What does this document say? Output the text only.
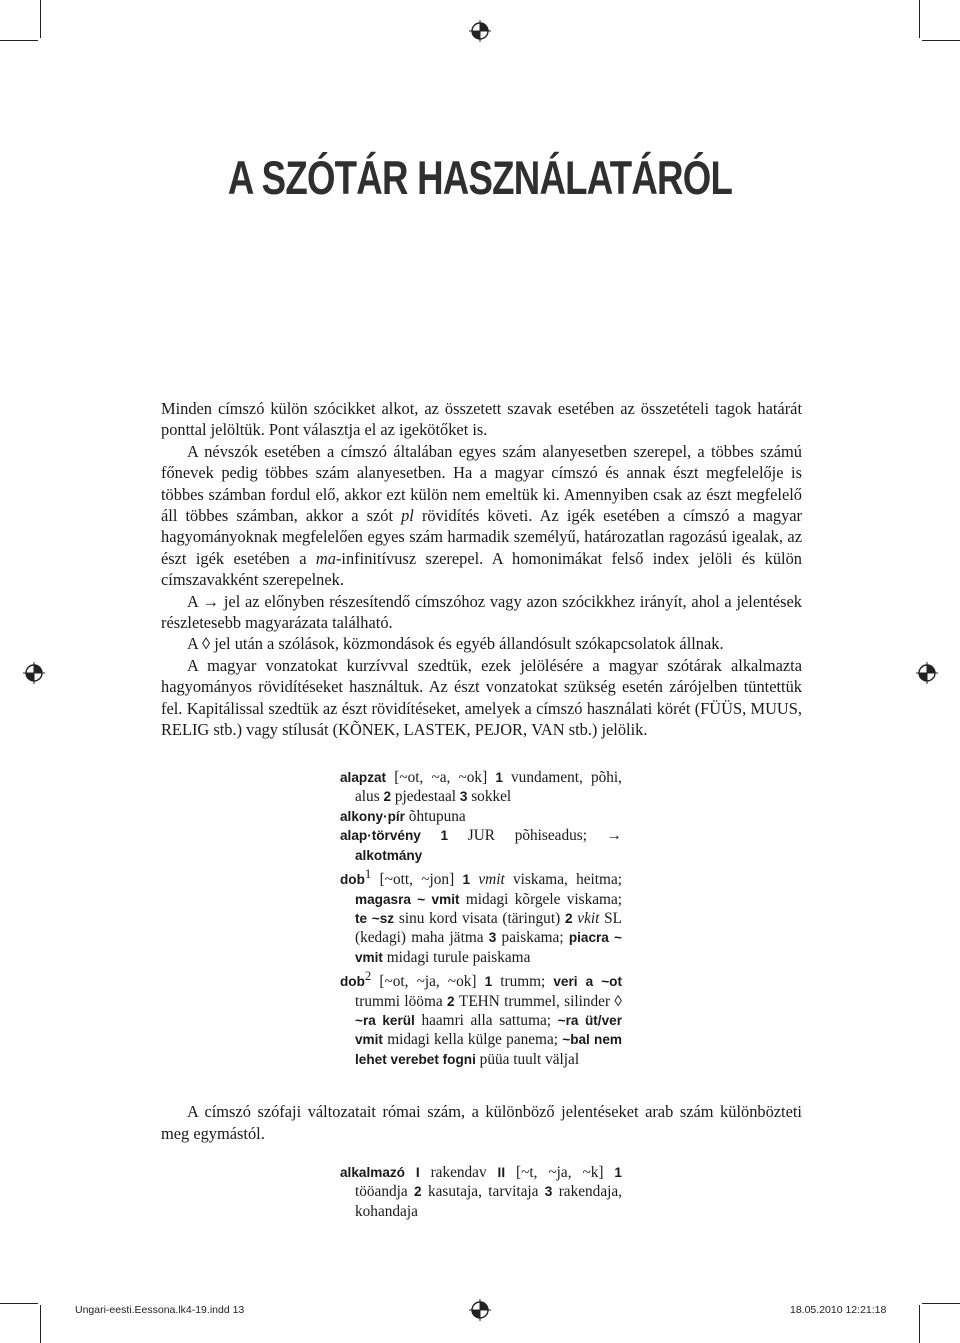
A SZÓTÁR HASZNÁLATÁRÓL

Minden címszó külön szócikket alkot, az összetett szavak esetében az összetételi tagok határát ponttal jelöltük. Pont választja el az igekötőket is.

A névszók esetében a címszó általában egyes szám alanyesetben szerepel, a többes számú főnevek pedig többes szám alanyesetben. Ha a magyar címszó és annak észt megfelelője is többes számban fordul elő, akkor ezt külön nem emeltük ki. Amennyiben csak az észt megfelelő áll többes számban, akkor a szót pl rövidítés követi. Az igék esetében a címszó a magyar hagyományoknak megfelelően egyes szám harmadik személyű, határozatlan ragozású igealak, az észt igék esetében a ma-infinitívusz szerepel. A homonimákat felső index jelöli és külön címszavakként szerepelnek.

A → jel az előnyben részesítendő címszóhoz vagy azon szócikkhez irányít, ahol a jelentések részletesebb magyarázata található.

A ◊ jel után a szólások, közmondások és egyéb állandósult szókapcsolatok állnak.

A magyar vonzatokat kurzívval szedtük, ezek jelölésére a magyar szótárak alkalmazta hagyományos rövidítéseket használtuk. Az észt vonzatokat szükség esetén zárójelben tüntettük fel. Kapitálissal szedtük az észt rövidítéseket, amelyek a címszó használati körét (FÜÜS, MUUS, RELIG stb.) vagy stílusát (KÕNEK, LASTEK, PEJOR, VAN stb.) jelölik.

alapzat [~ot, ~a, ~ok] 1 vundament, põhi, alus 2 pjedestaal 3 sokkel

alkony·pír õhtupuna

alap·törvény 1 JUR põhiseadus; → alkotmány

dob$^1$ [~ott, ~jon] 1 vmit viskama, heitma; magasra ~ vmit midagi kõrgele viskama; te ~sz sinu kord visata (täringut) 2 vkit SL (kedagi) maha jätma 3 paiskama; piacra ~ vmit midagi turule paiskama

dob$^2$ [~ot, ~ja, ~ok] 1 trumm; veri a ~ot trummi lööma 2 TEHN trummel, silinder ◊ ~ra kerül haamri alla sattuma; ~ra üt/ver vmit midagi kella külge panema; ~bal nem lehet verebet fogni püüa tuult väljal

A címszó szófaji változatait római szám, a különböző jelentéseket arab szám különbözteti meg egymástól.

alkalmazó I rakendav II [~t, ~ja, ~k] 1 tööandja 2 kasutaja, tarvitaja 3 rakendaja, kohandaja

Ungari-eesti.Eessona.lk4-19.indd 13	18.05.2010 12:21:18
